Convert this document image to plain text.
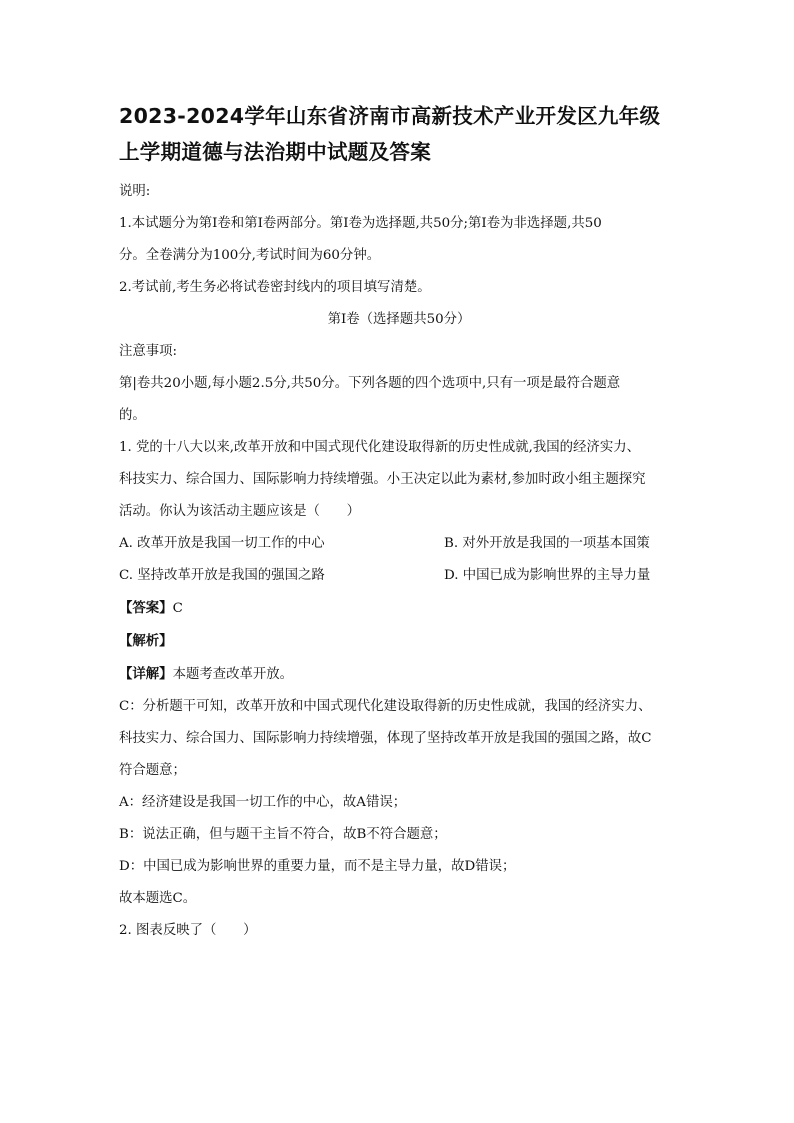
2023-2024学年山东省济南市高新技术产业开发区九年级上学期道德与法治期中试题及答案

说明:

1.本试题分为第Ⅰ卷和第Ⅰ卷两部分。第Ⅰ卷为选择题,共50分;第Ⅰ卷为非选择题,共50

分。全卷满分为100分,考试时间为60分钟。

2.考试前,考生务必将试卷密封线内的项目填写清楚。

第Ⅰ卷（选择题共50分）

注意事项:

第|卷共20小题,每小题2.5分,共50分。下列各题的四个选项中,只有一项是最符合题意

的。

1. 党的十八大以来,改革开放和中国式现代化建设取得新的历史性成就,我国的经济实力、

科技实力、综合国力、国际影响力持续增强。小王决定以此为素材,参加时政小组主题探究

活动。你认为该活动主题应该是（　　）

A. 改革开放是我国一切工作的中心	B. 对外开放是我国的一项基本国策
C. 坚持改革开放是我国的强国之路	D. 中国已成为影响世界的主导力量

【答案】C

【解析】

【详解】本题考查改革开放。

C：分析题干可知，改革开放和中国式现代化建设取得新的历史性成就，我国的经济实力、

科技实力、综合国力、国际影响力持续增强，体现了坚持改革开放是我国的强国之路，故C

符合题意；

A：经济建设是我国一切工作的中心，故A错误；

B：说法正确，但与题干主旨不符合，故B不符合题意；

D：中国已成为影响世界的重要力量，而不是主导力量，故D错误；

故本题选C。

2. 图表反映了（　　）
